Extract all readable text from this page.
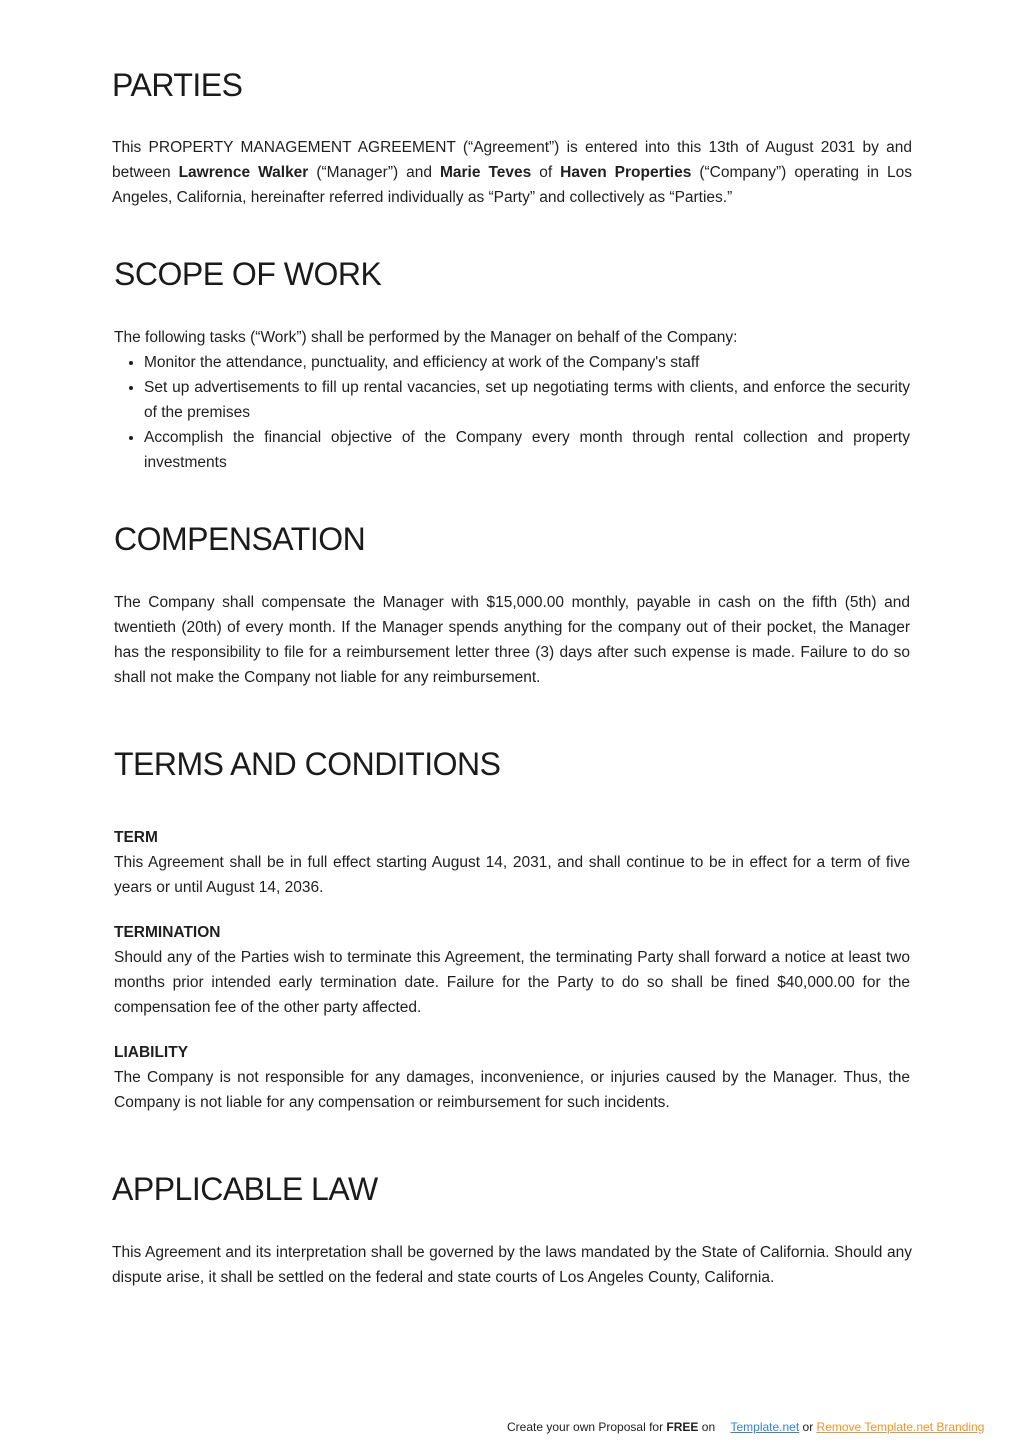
PARTIES

This PROPERTY MANAGEMENT AGREEMENT (“Agreement”) is entered into this 13th of August 2031 by and between Lawrence Walker (“Manager”) and Marie Teves of Haven Properties (“Company”) operating in Los Angeles, California, hereinafter referred individually as “Party” and collectively as “Parties.”

SCOPE OF WORK

The following tasks (“Work”) shall be performed by the Manager on behalf of the Company:

• Monitor the attendance, punctuality, and efficiency at work of the Company's staff
• Set up advertisements to fill up rental vacancies, set up negotiating terms with clients, and enforce the security of the premises
• Accomplish the financial objective of the Company every month through rental collection and property investments
COMPENSATION

The Company shall compensate the Manager with $15,000.00 monthly, payable in cash on the fifth (5th) and twentieth (20th) of every month. If the Manager spends anything for the company out of their pocket, the Manager has the responsibility to file for a reimbursement letter three (3) days after such expense is made. Failure to do so shall not make the Company not liable for any reimbursement.

TERMS AND CONDITIONS
TERM

This Agreement shall be in full effect starting August 14, 2031, and shall continue to be in effect for a term of five years or until August 14, 2036.

TERMINATION

Should any of the Parties wish to terminate this Agreement, the terminating Party shall forward a notice at least two months prior intended early termination date. Failure for the Party to do so shall be fined $40,000.00 for the compensation fee of the other party affected.

LIABILITY

The Company is not responsible for any damages, inconvenience, or injuries caused by the Manager. Thus, the Company is not liable for any compensation or reimbursement for such incidents.

APPLICABLE LAW

This Agreement and its interpretation shall be governed by the laws mandated by the State of California. Should any dispute arise, it shall be settled on the federal and state courts of Los Angeles County, California.

Create your own Proposal for FREE on Template.net or Remove Template.net Branding
